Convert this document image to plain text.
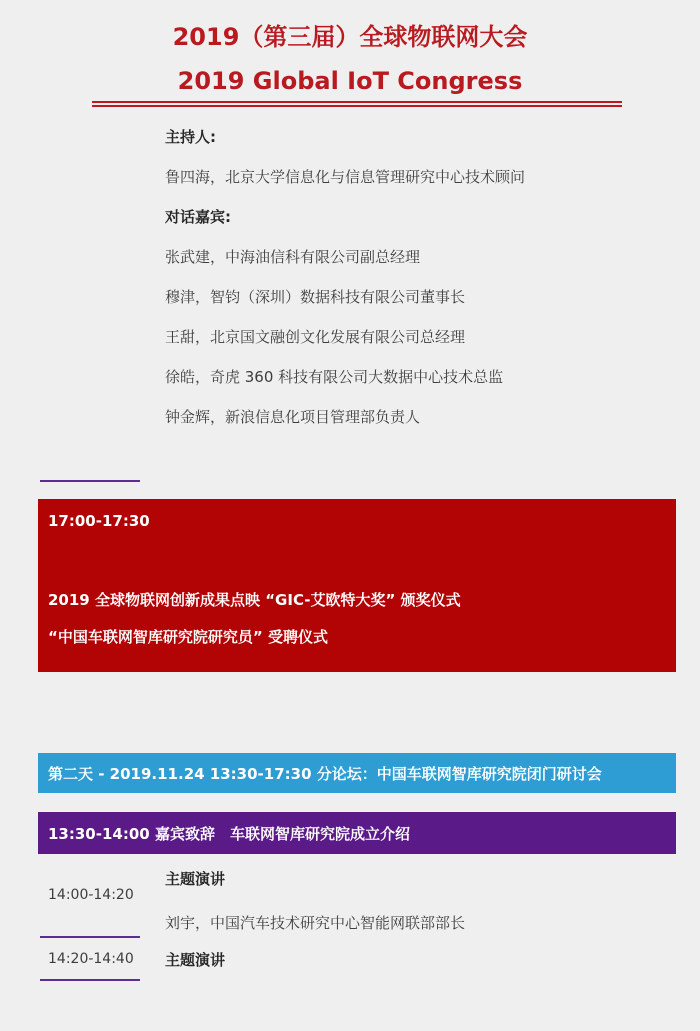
2019（第三届）全球物联网大会
2019 Global IoT Congress

主持人:

鲁四海，北京大学信息化与信息管理研究中心技术顾问

对话嘉宾:

张武建，中海油信科有限公司副总经理

穆津，智钧（深圳）数据科技有限公司董事长

王甜，北京国文融创文化发展有限公司总经理

徐皓，奇虎 360 科技有限公司大数据中心技术总监

钟金辉，新浪信息化项目管理部负责人

17:00-17:30

2019 全球物联网创新成果点映 “GIC-艾欧特大奖” 颁奖仪式

“中国车联网智库研究院研究员” 受聘仪式

第二天 - 2019.11.24 13:30-17:30 分论坛：中国车联网智库研究院闭门研讨会
13:30-14:00 嘉宾致辞　车联网智库研究院成立介绍
14:00-14:20

主题演讲

刘宇，中国汽车技术研究中心智能网联部部长

14:20-14:40	主题演讲
